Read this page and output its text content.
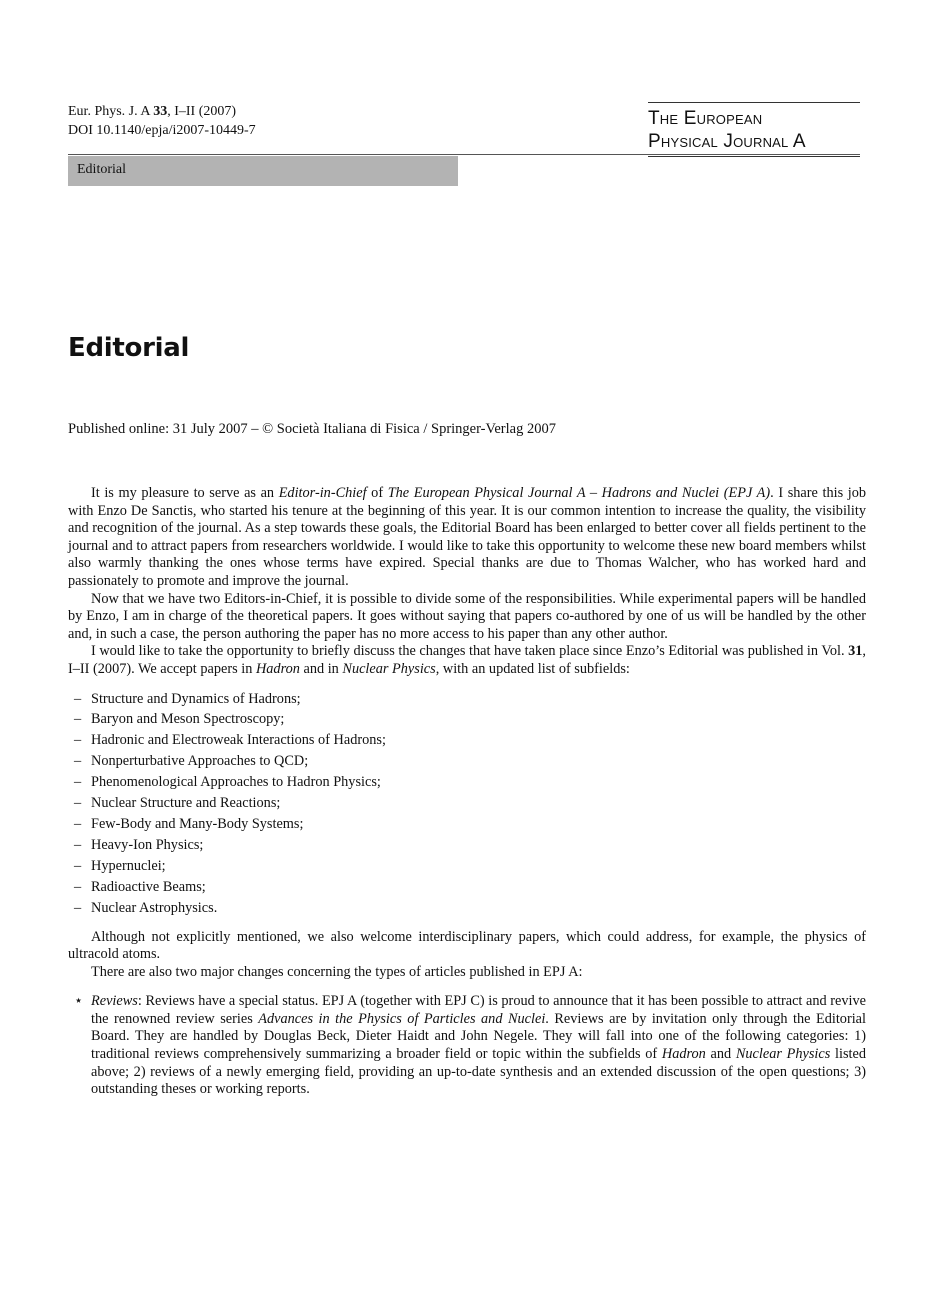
Eur. Phys. J. A 33, I–II (2007)
DOI 10.1140/epja/i2007-10449-7
The European
Physical Journal A
Editorial
Editorial
Published online: 31 July 2007 – © Società Italiana di Fisica / Springer-Verlag 2007

It is my pleasure to serve as an Editor-in-Chief of The European Physical Journal A – Hadrons and Nuclei (EPJ A). I share this job with Enzo De Sanctis, who started his tenure at the beginning of this year. It is our common intention to increase the quality, the visibility and recognition of the journal. As a step towards these goals, the Editorial Board has been enlarged to better cover all fields pertinent to the journal and to attract papers from researchers worldwide. I would like to take this opportunity to welcome these new board members whilst also warmly thanking the ones whose terms have expired. Special thanks are due to Thomas Walcher, who has worked hard and passionately to promote and improve the journal.

Now that we have two Editors-in-Chief, it is possible to divide some of the responsibilities. While experimental papers will be handled by Enzo, I am in charge of the theoretical papers. It goes without saying that papers co-authored by one of us will be handled by the other and, in such a case, the person authoring the paper has no more access to his paper than any other author.

I would like to take the opportunity to briefly discuss the changes that have taken place since Enzo’s Editorial was published in Vol. 31, I–II (2007). We accept papers in Hadron and in Nuclear Physics, with an updated list of subfields:

– Structure and Dynamics of Hadrons;
– Baryon and Meson Spectroscopy;
– Hadronic and Electroweak Interactions of Hadrons;
– Nonperturbative Approaches to QCD;
– Phenomenological Approaches to Hadron Physics;
– Nuclear Structure and Reactions;
– Few-Body and Many-Body Systems;
– Heavy-Ion Physics;
– Hypernuclei;
– Radioactive Beams;
– Nuclear Astrophysics.

Although not explicitly mentioned, we also welcome interdisciplinary papers, which could address, for example, the physics of ultracold atoms.

There are also two major changes concerning the types of articles published in EPJ A:

⋆ Reviews: Reviews have a special status. EPJ A (together with EPJ C) is proud to announce that it has been possible to attract and revive the renowned review series Advances in the Physics of Particles and Nuclei. Reviews are by invitation only through the Editorial Board. They are handled by Douglas Beck, Dieter Haidt and John Negele. They will fall into one of the following categories: 1) traditional reviews comprehensively summarizing a broader field or topic within the subfields of Hadron and Nuclear Physics listed above; 2) reviews of a newly emerging field, providing an up-to-date synthesis and an extended discussion of the open questions; 3) outstanding theses or working reports.
